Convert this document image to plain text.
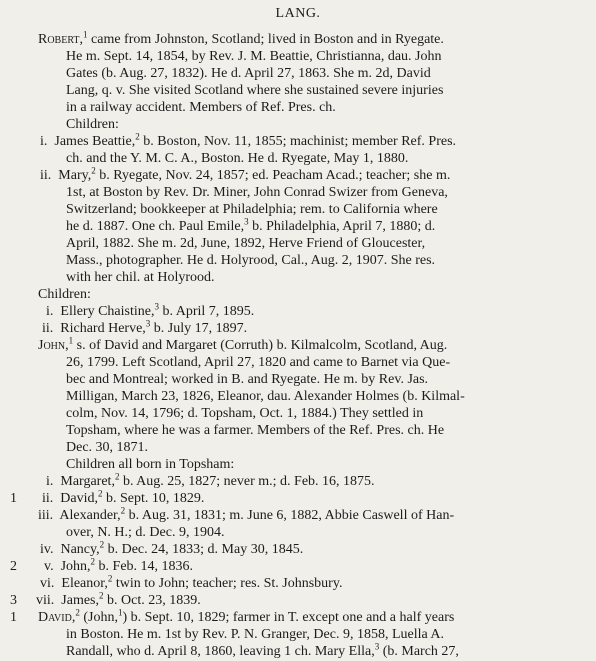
LANG.
Robert,$^1$ came from Johnston, Scotland; lived in Boston and in Ryegate.
He m. Sept. 14, 1854, by Rev. J. M. Beattie, Christianna, dau. John
Gates (b. Aug. 27, 1832). He d. April 27, 1863. She m. 2d, David
Lang, q. v. She visited Scotland where she sustained severe injuries
in a railway accident. Members of Ref. Pres. ch.
Children:
i.  James Beattie,$^2$ b. Boston, Nov. 11, 1855; machinist; member Ref. Pres.
ch. and the Y. M. C. A., Boston. He d. Ryegate, May 1, 1880.
ii.  Mary,$^2$ b. Ryegate, Nov. 24, 1857; ed. Peacham Acad.; teacher; she m.
1st, at Boston by Rev. Dr. Miner, John Conrad Swizer from Geneva,
Switzerland; bookkeeper at Philadelphia; rem. to California where
he d. 1887. One ch. Paul Emile,$^3$ b. Philadelphia, April 7, 1880; d.
April, 1882. She m. 2d, June, 1892, Herve Friend of Gloucester,
Mass., photographer. He d. Holyrood, Cal., Aug. 2, 1907. She res.
with her chil. at Holyrood.
Children:
i.  Ellery Chaistine,$^3$ b. April 7, 1895.
ii.  Richard Herve,$^3$ b. July 17, 1897.
John,$^1$ s. of David and Margaret (Corruth) b. Kilmalcolm, Scotland, Aug.
26, 1799. Left Scotland, April 27, 1820 and came to Barnet via Que-
bec and Montreal; worked in B. and Ryegate. He m. by Rev. Jas.
Milligan, March 23, 1826, Eleanor, dau. Alexander Holmes (b. Kilmal-
colm, Nov. 14, 1796; d. Topsham, Oct. 1, 1884.) They settled in
Topsham, where he was a farmer. Members of the Ref. Pres. ch. He
Dec. 30, 1871.
Children all born in Topsham:
i.  Margaret,$^2$ b. Aug. 25, 1827; never m.; d. Feb. 16, 1875.
ii.  David,$^2$ b. Sept. 10, 1829.
iii.  Alexander,$^2$ b. Aug. 31, 1831; m. June 6, 1882, Abbie Caswell of Han-
over, N. H.; d. Dec. 9, 1904.
iv.  Nancy,$^2$ b. Dec. 24, 1833; d. May 30, 1845.
v.  John,$^2$ b. Feb. 14, 1836.
vi.  Eleanor,$^2$ twin to John; teacher; res. St. Johnsbury.
vii.  James,$^2$ b. Oct. 23, 1839.
David,$^2$ (John,$^1$) b. Sept. 10, 1829; farmer in T. except one and a half years
in Boston. He m. 1st by Rev. P. N. Granger, Dec. 9, 1858, Luella A.
Randall, who d. April 8, 1860, leaving 1 ch. Mary Ella,$^3$ (b. March 27,
1
2
3
1
